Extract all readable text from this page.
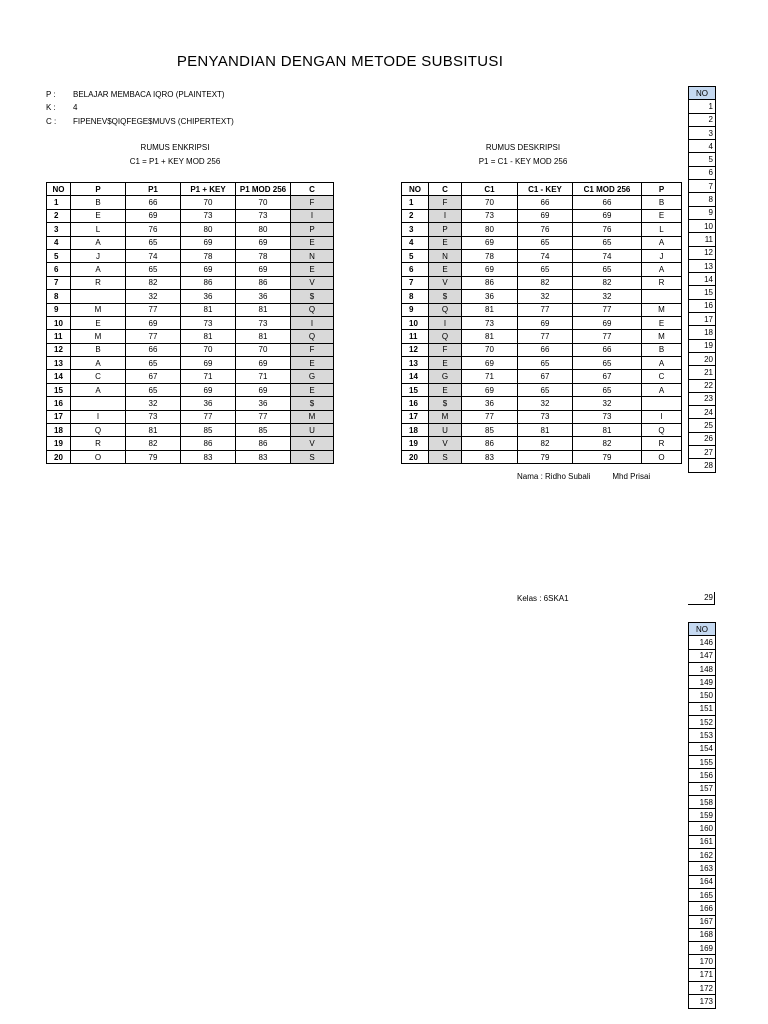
PENYANDIAN DENGAN METODE SUBSITUSI
P : BELAJAR MEMBACA IQRO (PLAINTEXT)
K : 4
C : FIPENEV$QIQFEGE$MUVS (CHIPERTEXT)
RUMUS ENKRIPSI
C1 = P1 + KEY MOD 256
RUMUS DESKRIPSI
P1 = C1 - KEY MOD 256
NO	P	P1	P1 + KEY	P1 MOD 256	C
1	B	66	70	70	F
2	E	69	73	73	I
3	L	76	80	80	P
4	A	65	69	69	E
5	J	74	78	78	N
6	A	65	69	69	E
7	R	82	86	86	V
8		32	36	36	$
9	M	77	81	81	Q
10	E	69	73	73	I
11	M	77	81	81	Q
12	B	66	70	70	F
13	A	65	69	69	E
14	C	67	71	71	G
15	A	65	69	69	E
16		32	36	36	$
17	I	73	77	77	M
18	Q	81	85	85	U
19	R	82	86	86	V
20	O	79	83	83	S
NO	C	C1	C1 - KEY	C1 MOD 256	P
1	F	70	66	66	B
2	I	73	69	69	E
3	P	80	76	76	L
4	E	69	65	65	A
5	N	78	74	74	J
6	E	69	65	65	A
7	V	86	82	82	R
8	$	36	32	32	
9	Q	81	77	77	M
10	I	73	69	69	E
11	Q	81	77	77	M
12	F	70	66	66	B
13	E	69	65	65	A
14	G	71	67	67	C
15	E	69	65	65	A
16	$	36	32	32	
17	M	77	73	73	I
18	U	85	81	81	Q
19	V	86	82	82	R
20	S	83	79	79	O
Nama : Ridho Subali	Mhd Prisai
Kelas : 6SKA1
NO
1
2
3
4
5
6
7
8
9
10
11
12
13
14
15
16
17
18
19
20
21
22
23
24
25
26
27
28
29
NO
146
147
148
149
150
151
152
153
154
155
156
157
158
159
160
161
162
163
164
165
166
167
168
169
170
171
172
173
